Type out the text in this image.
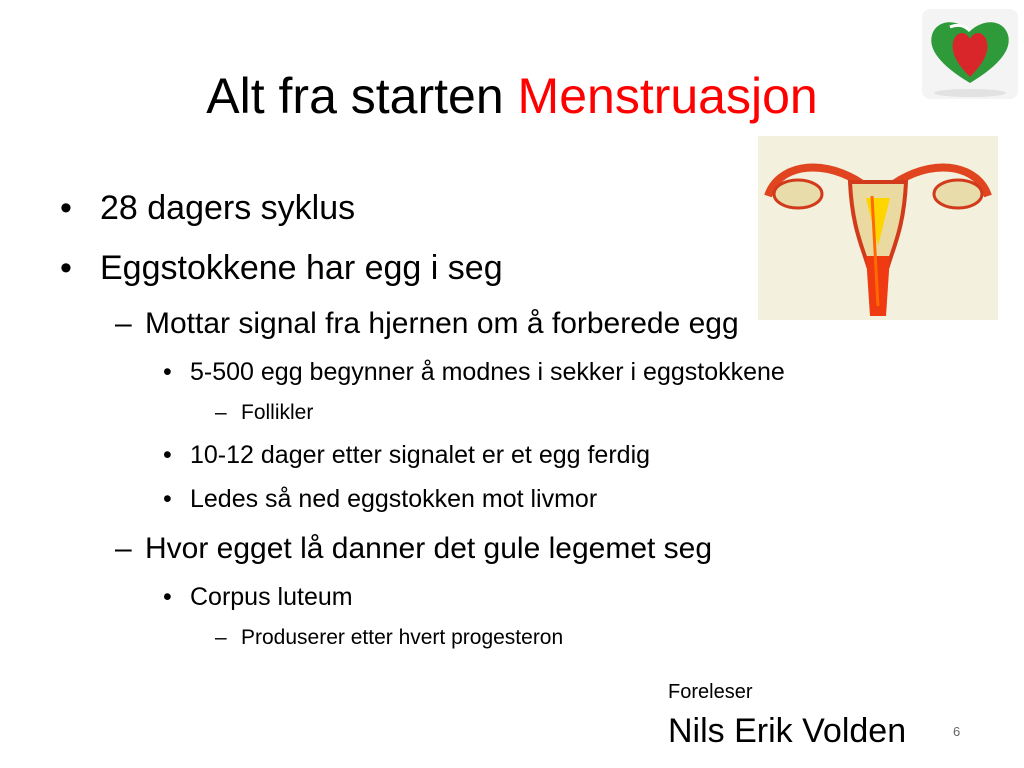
Alt fra starten Menstruasjon
• 28 dagers syklus
• Eggstokkene har egg i seg
– Mottar signal fra hjernen om å forberede egg
• 5-500 egg begynner å modnes i sekker i eggstokkene
– Follikler
• 10-12 dager etter signalet er et egg ferdig
• Ledes så ned eggstokken mot livmor
– Hvor egget lå danner det gule legemet seg
• Corpus luteum
– Produserer etter hvert progesteron
Foreleser
Nils Erik Volden	6
